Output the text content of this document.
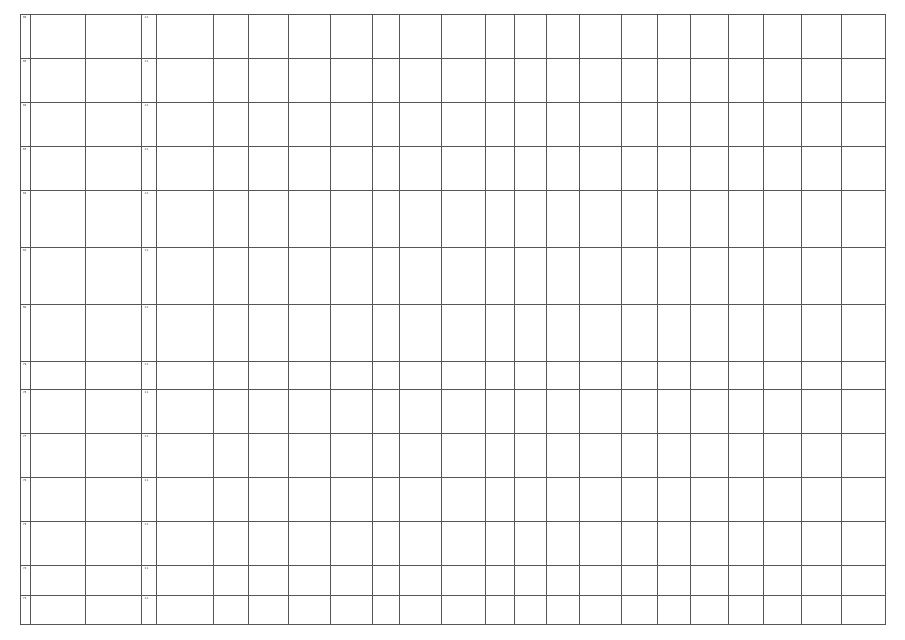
86			1:1																			

85			1:1																			

84			1:1																			

83			1:1																			

82			1:1																			

81			1:1																			

80			1:1																			

79			1:1																			

78			1:1																			

77			1:1																			

76			1:1																			

75			1:1																			

74			1:1																			

73			1:1																			
